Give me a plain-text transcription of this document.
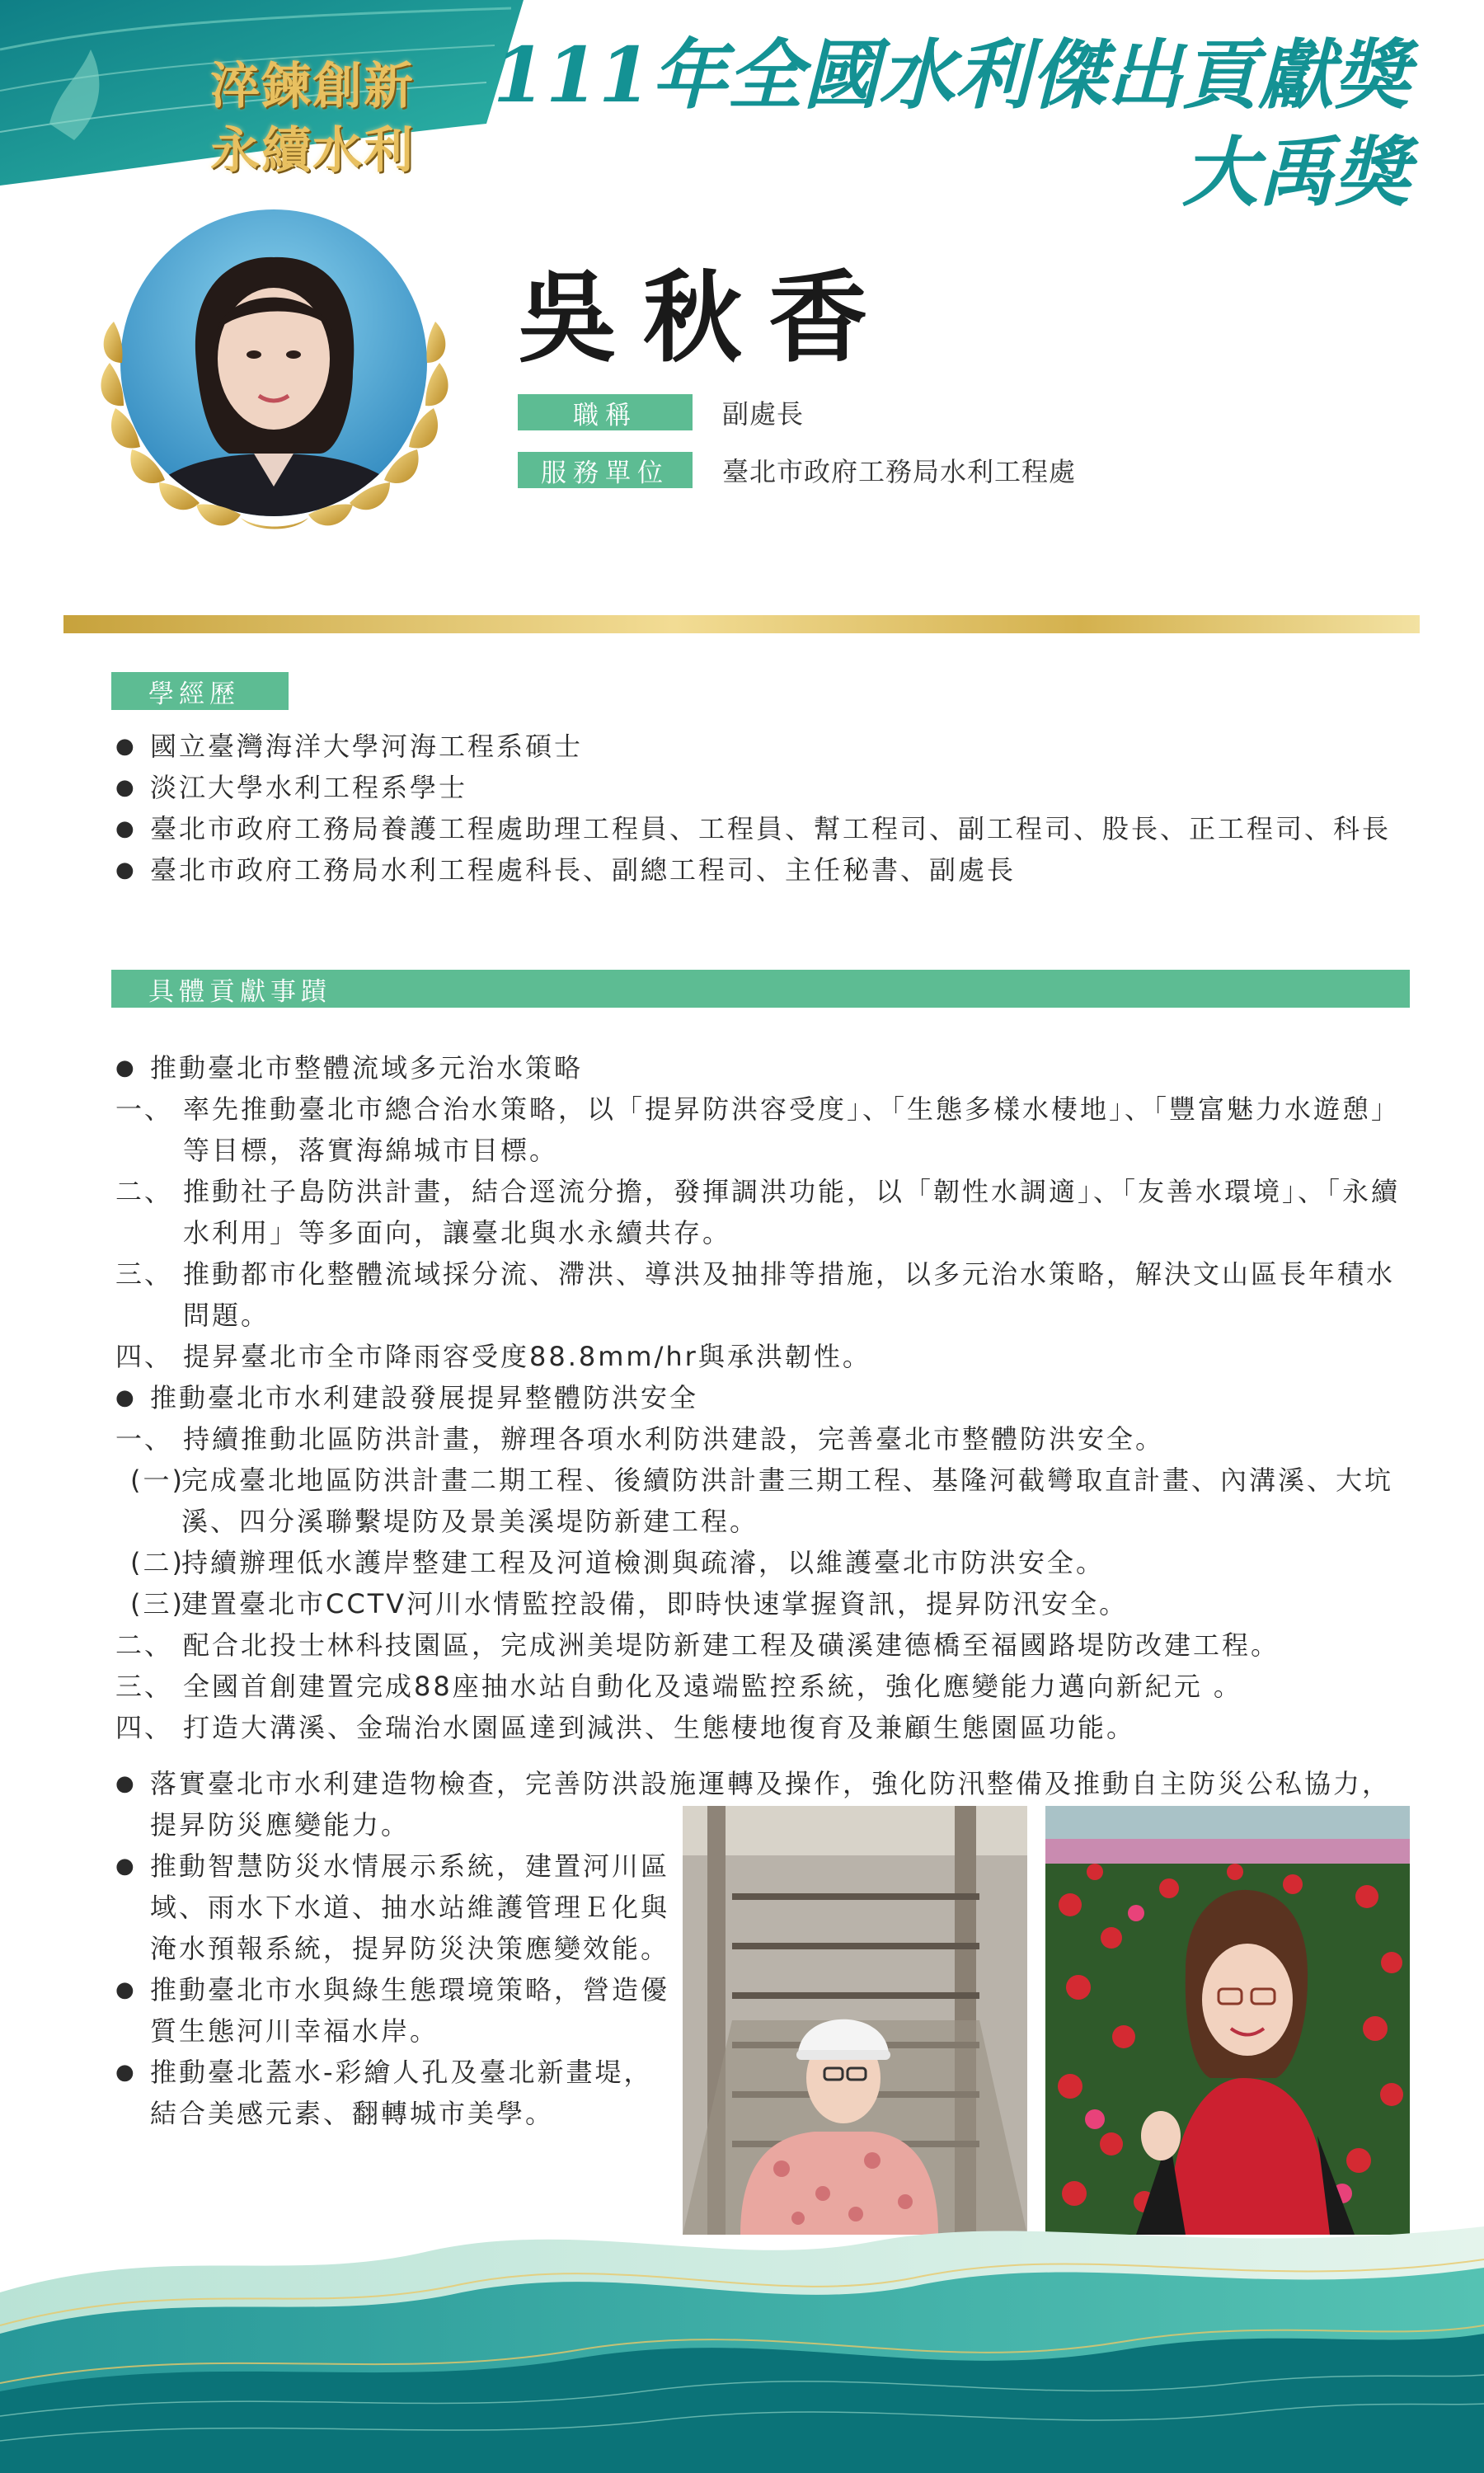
淬鍊創新
永續水利
111年全國水利傑出貢獻獎
大禹獎
吳秋香
職稱	副處長
服務單位	臺北市政府工務局水利工程處
學經歷
● 國立臺灣海洋大學河海工程系碩士
● 淡江大學水利工程系學士
● 臺北市政府工務局養護工程處助理工程員、工程員、幫工程司、副工程司、股長、正工程司、科長
● 臺北市政府工務局水利工程處科長、副總工程司、主任秘書、副處長
具體貢獻事蹟
● 推動臺北市整體流域多元治水策略
一、 率先推動臺北市總合治水策略，以「提昇防洪容受度」、「生態多樣水棲地」、「豐富魅力水遊憩」等目標，落實海綿城市目標。
二、 推動社子島防洪計畫，結合逕流分擔，發揮調洪功能，以「韌性水調適」、「友善水環境」、「永續水利用」等多面向，讓臺北與水永續共存。
三、 推動都市化整體流域採分流、滯洪、導洪及抽排等措施，以多元治水策略，解決文山區長年積水問題。
四、 提昇臺北市全市降雨容受度88.8mm/hr與承洪韌性。
● 推動臺北市水利建設發展提昇整體防洪安全
一、 持續推動北區防洪計畫，辦理各項水利防洪建設，完善臺北市整體防洪安全。
(一)
完成臺北地區防洪計畫二期工程、後續防洪計畫三期工程、基隆河截彎取直計畫、內溝溪、大坑溪、四分溪聯繫堤防及景美溪堤防新建工程。
(二)
持續辦理低水護岸整建工程及河道檢測與疏濬，以維護臺北市防洪安全。
(三)
建置臺北市CCTV河川水情監控設備，即時快速掌握資訊，提昇防汛安全。
二、 配合北投士林科技園區，完成洲美堤防新建工程及磺溪建德橋至福國路堤防改建工程。
三、 全國首創建置完成88座抽水站自動化及遠端監控系統，強化應變能力邁向新紀元 。
四、 打造大溝溪、金瑞治水園區達到減洪、生態棲地復育及兼顧生態園區功能。
● 落實臺北市水利建造物檢查，完善防洪設施運轉及操作，強化防汛整備及推動自主防災公私協力，提昇防災應變能力。
● 推動智慧防災水情展示系統，建置河川區域、雨水下水道、抽水站維護管理Ｅ化與淹水預報系統，提昇防災決策應變效能。
● 推動臺北市水與綠生態環境策略，營造優質生態河川幸福水岸。
● 推動臺北蓋水-彩繪人孔及臺北新畫堤，結合美感元素、翻轉城市美學。
